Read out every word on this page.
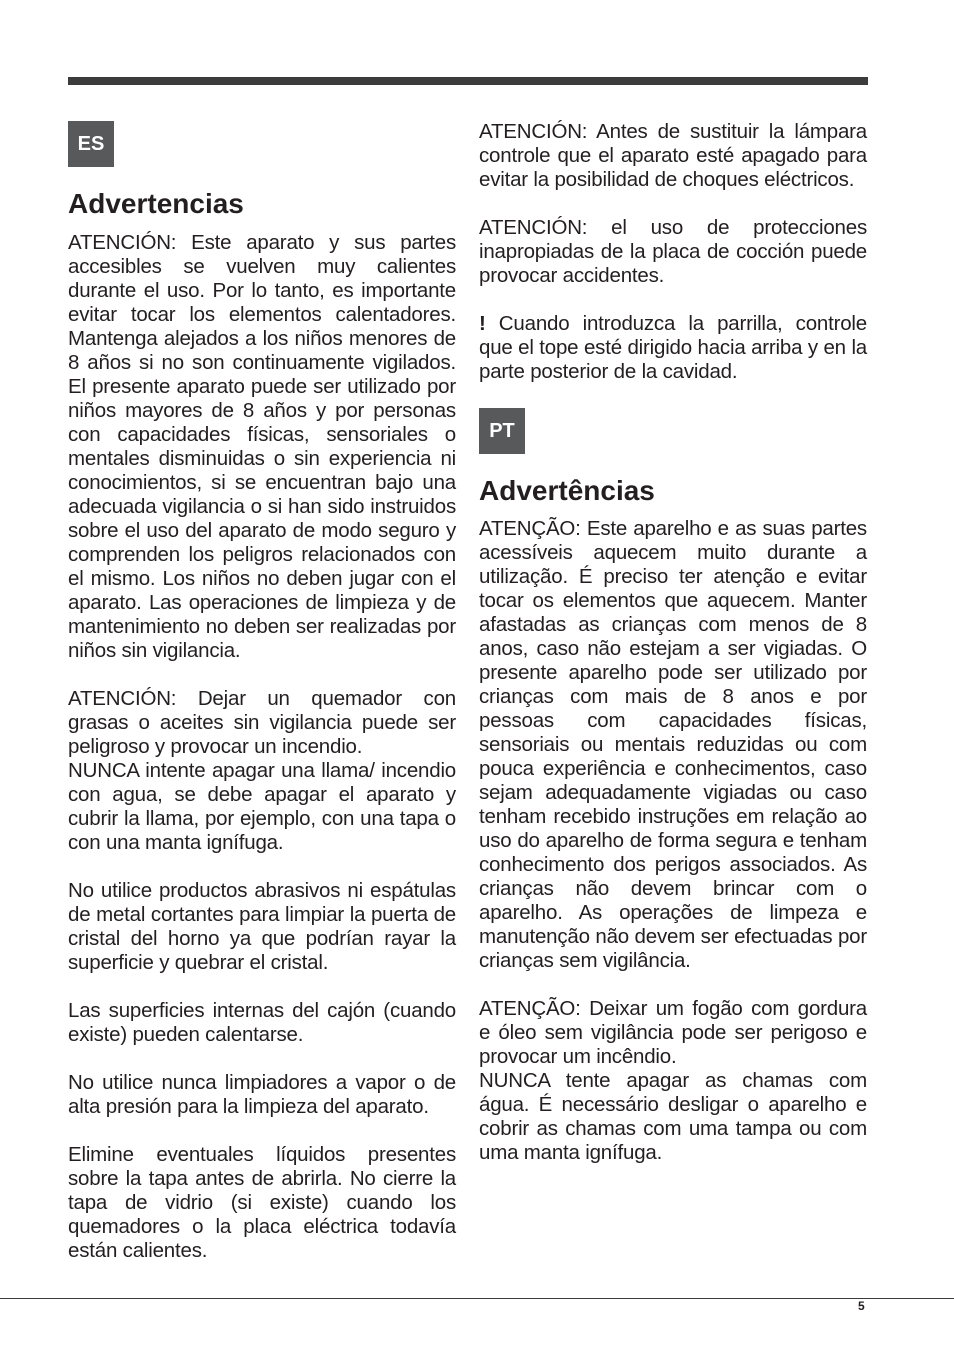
ES
Advertencias

ATENCIÓN: Este aparato y sus partes accesibles se vuelven muy calientes durante el uso. Por lo tanto, es importante evitar tocar los elementos calentadores. Mantenga alejados a los niños menores de 8 años si no son continuamente vigilados. El presente aparato puede ser utilizado por niños mayores de 8 años y por personas con capacidades físicas, sensoriales o mentales disminuidas o sin experiencia ni conocimientos, si se encuentran bajo una adecuada vigilancia o si han sido instruidos sobre el uso del aparato de modo seguro y comprenden los peligros relacionados con el mismo. Los niños no deben jugar con el aparato. Las operaciones de limpieza y de mantenimiento no deben ser realizadas por niños sin vigilancia.

ATENCIÓN: Dejar un quemador con grasas o aceites sin vigilancia puede ser peligroso y provocar un incendio.

NUNCA intente apagar una llama/ incendio con agua, se debe apagar el aparato y cubrir la llama, por ejemplo, con una tapa o con una manta ignífuga.

No utilice productos abrasivos ni espátulas de metal cortantes para limpiar la puerta de cristal del horno ya que podrían rayar la superficie y quebrar el cristal.

Las superficies internas del cajón (cuando existe) pueden calentarse.

No utilice nunca limpiadores a vapor o de alta presión para la limpieza del aparato.

Elimine eventuales líquidos presentes sobre la tapa antes de abrirla. No cierre la tapa de vidrio (si existe) cuando los quemadores o la placa eléctrica todavía están calientes.

ATENCIÓN: Antes de sustituir la lámpara controle que el aparato esté apagado para evitar la posibilidad de choques eléctricos.

ATENCIÓN: el uso de protecciones inapropiadas de la placa de cocción puede provocar accidentes.

! Cuando introduzca la parrilla, controle que el tope esté dirigido hacia arriba y en la parte posterior de la cavidad.

PT
Advertências

ATENÇÃO: Este aparelho e as suas partes acessíveis aquecem muito durante a utilização. É preciso ter atenção e evitar tocar os elementos que aquecem. Manter afastadas as crianças com menos de 8 anos, caso não estejam a ser vigiadas. O presente aparelho pode ser utilizado por crianças com mais de 8 anos e por pessoas com capacidades físicas, sensoriais ou mentais reduzidas ou com pouca experiência e conhecimentos, caso sejam adequadamente vigiadas ou caso tenham recebido instruções em relação ao uso do aparelho de forma segura e tenham conhecimento dos perigos associados. As crianças não devem brincar com o aparelho. As operações de limpeza e manutenção não devem ser efectuadas por crianças sem vigilância.

ATENÇÃO: Deixar um fogão com gordura e óleo sem vigilância pode ser perigoso e provocar um incêndio.

NUNCA tente apagar as chamas com água. É necessário desligar o aparelho e cobrir as chamas com uma tampa ou com uma manta ignífuga.

5
